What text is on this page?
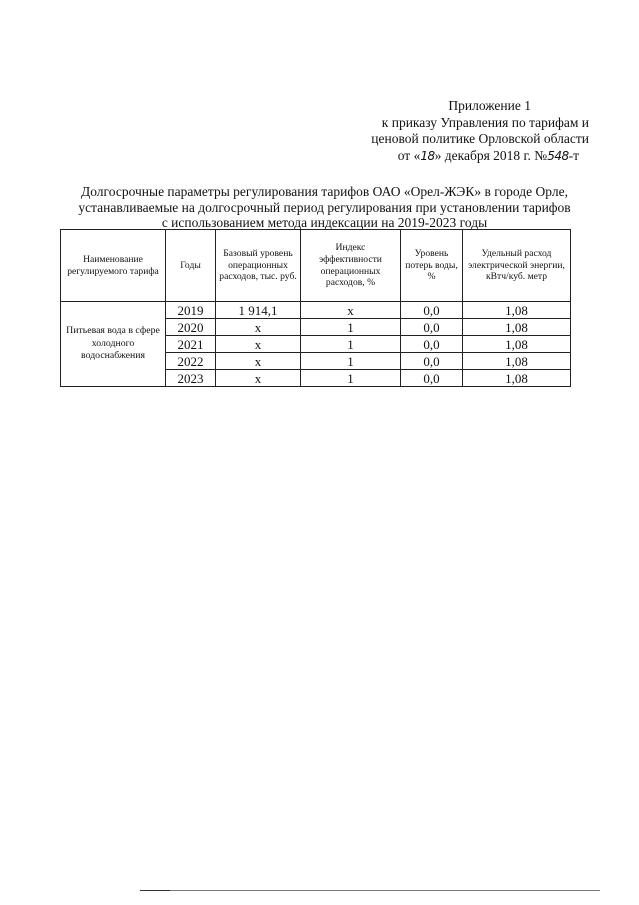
Приложение 1
к приказу Управления по тарифам и
ценовой политике Орловской области
от «18» декабря 2018 г. №548-т
Долгосрочные параметры регулирования тарифов ОАО «Орел-ЖЭК» в городе Орле,
устанавливаемые на долгосрочный период регулирования при установлении тарифов
с использованием метода индексации на 2019-2023 годы
Наименование регулируемого тарифа	Годы	Базовый уровень операционных расходов, тыс. руб.	Индекс эффективности операционных расходов, %	Уровень потерь воды, %	Удельный расход электрической энергии, кВтч/куб. метр
Питьевая вода в сфере холодного водоснабжения	2019	1 914,1	x	0,0	1,08
	2020	x	1	0,0	1,08
	2021	x	1	0,0	1,08
	2022	x	1	0,0	1,08
	2023	x	1	0,0	1,08
